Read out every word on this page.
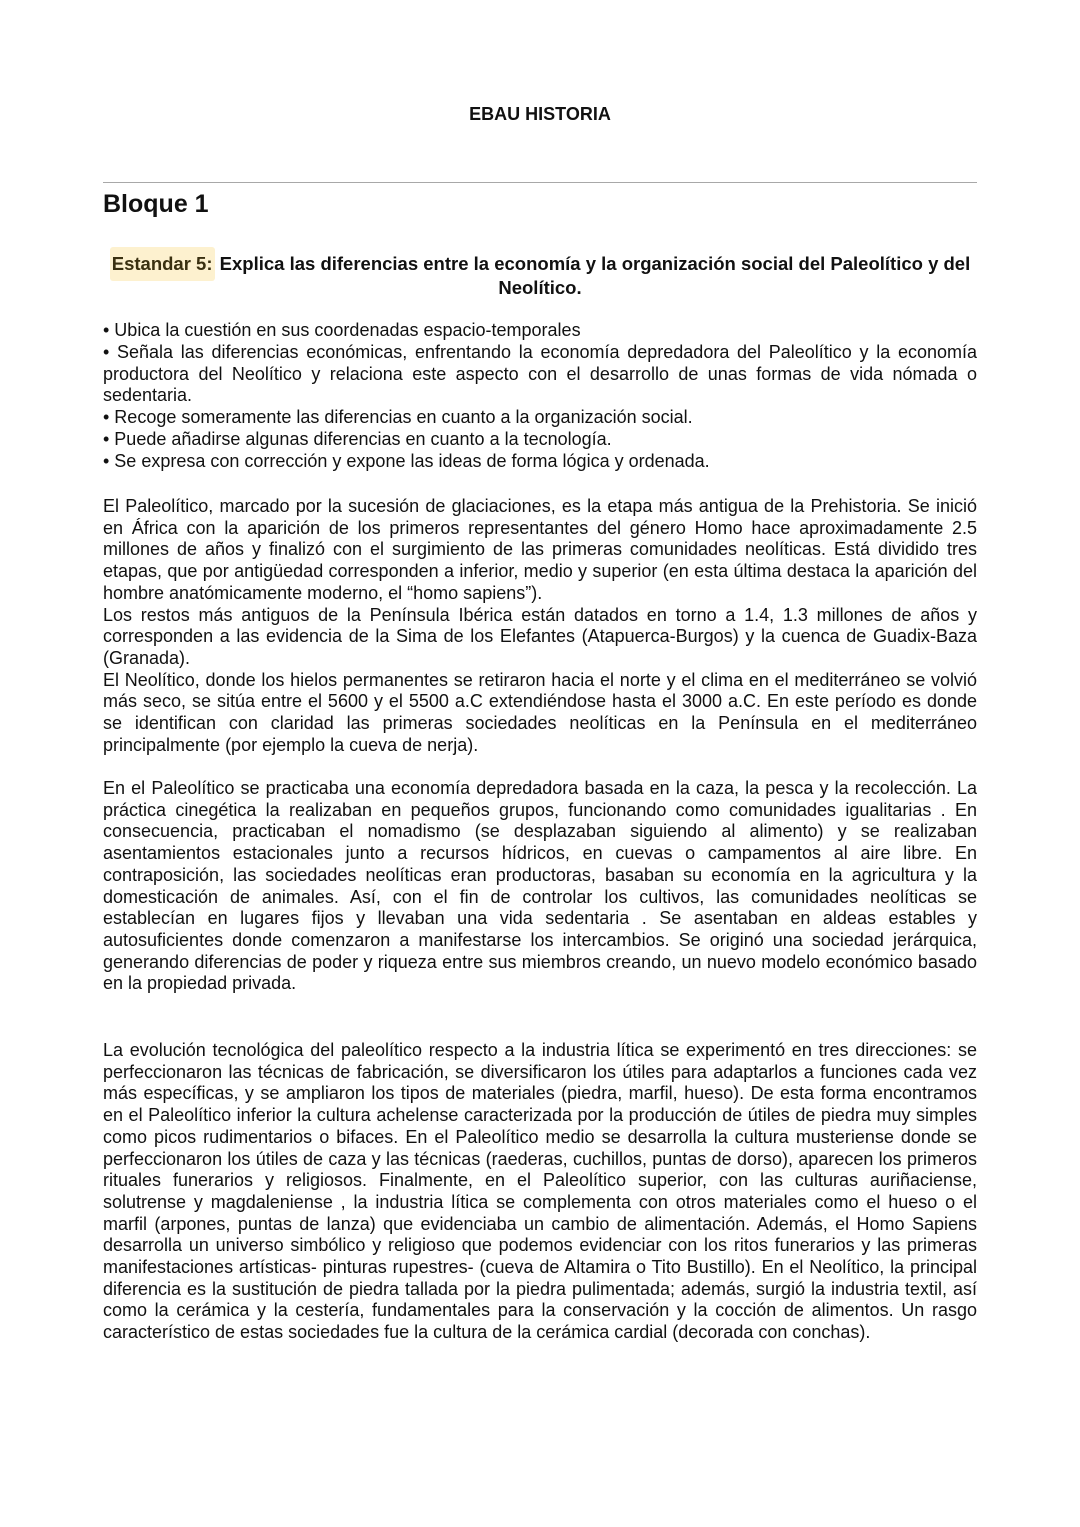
EBAU HISTORIA
Bloque 1
Estandar 5: Explica las diferencias entre la economía y la organización social del Paleolítico y del Neolítico.
• Ubica la cuestión en sus coordenadas espacio-temporales
• Señala las diferencias económicas, enfrentando la economía depredadora del Paleolítico y la economía productora del Neolítico y relaciona este aspecto con el desarrollo de unas formas de vida nómada o sedentaria.
• Recoge someramente las diferencias en cuanto a la organización social.
• Puede añadirse algunas diferencias en cuanto a la tecnología.
• Se expresa con corrección y expone las ideas de forma lógica y ordenada.
El Paleolítico, marcado por la sucesión de glaciaciones, es la etapa más antigua de la Prehistoria. Se inició en África con la aparición de los primeros representantes del género Homo hace aproximadamente 2.5 millones de años y finalizó con el surgimiento de las primeras comunidades neolíticas. Está dividido tres etapas, que por antigüedad corresponden a inferior, medio y superior (en esta última destaca la aparición del hombre anatómicamente moderno, el “homo sapiens”).
Los restos más antiguos de la Península Ibérica están datados en torno a 1.4, 1.3 millones de años y corresponden a las evidencia de la Sima de los Elefantes (Atapuerca-Burgos) y la cuenca de Guadix-Baza (Granada).
El Neolítico, donde los hielos permanentes se retiraron hacia el norte y el clima en el mediterráneo se volvió más seco, se sitúa entre el 5600 y el 5500 a.C extendiéndose hasta el 3000 a.C. En este período es donde se identifican con claridad las primeras sociedades neolíticas en la Península en el mediterráneo principalmente (por ejemplo la cueva de nerja).
En el Paleolítico se practicaba una economía depredadora basada en la caza, la pesca y la recolección. La práctica cinegética la realizaban en pequeños grupos, funcionando como comunidades igualitarias . En consecuencia, practicaban el nomadismo (se desplazaban siguiendo al alimento) y se realizaban asentamientos estacionales junto a recursos hídricos, en cuevas o campamentos al aire libre. En contraposición, las sociedades neolíticas eran productoras, basaban su economía en la agricultura y la domesticación de animales. Así, con el fin de controlar los cultivos, las comunidades neolíticas se establecían en lugares fijos y llevaban una vida sedentaria . Se asentaban en aldeas estables y autosuficientes donde comenzaron a manifestarse los intercambios. Se originó una sociedad jerárquica, generando diferencias de poder y riqueza entre sus miembros creando, un nuevo modelo económico basado en la propiedad privada.
La evolución tecnológica del paleolítico respecto a la industria lítica se experimentó en tres direcciones: se perfeccionaron las técnicas de fabricación, se diversificaron los útiles para adaptarlos a funciones cada vez más específicas, y se ampliaron los tipos de materiales (piedra, marfil, hueso). De esta forma encontramos en el Paleolítico inferior la cultura achelense caracterizada por la producción de útiles de piedra muy simples como picos rudimentarios o bifaces. En el Paleolítico medio se desarrolla la cultura musteriense donde se perfeccionaron los útiles de caza y las técnicas (raederas, cuchillos, puntas de dorso), aparecen los primeros rituales funerarios y religiosos. Finalmente, en el Paleolítico superior, con las culturas auriñaciense, solutrense y magdaleniense , la industria lítica se complementa con otros materiales como el hueso o el marfil (arpones, puntas de lanza) que evidenciaba un cambio de alimentación. Además, el Homo Sapiens desarrolla un universo simbólico y religioso que podemos evidenciar con los ritos funerarios y las primeras manifestaciones artísticas- pinturas rupestres- (cueva de Altamira o Tito Bustillo). En el Neolítico, la principal diferencia es la sustitución de piedra tallada por la piedra pulimentada; además, surgió la industria textil, así como la cerámica y la cestería, fundamentales para la conservación y la cocción de alimentos. Un rasgo característico de estas sociedades fue la cultura de la cerámica cardial (decorada con conchas).
